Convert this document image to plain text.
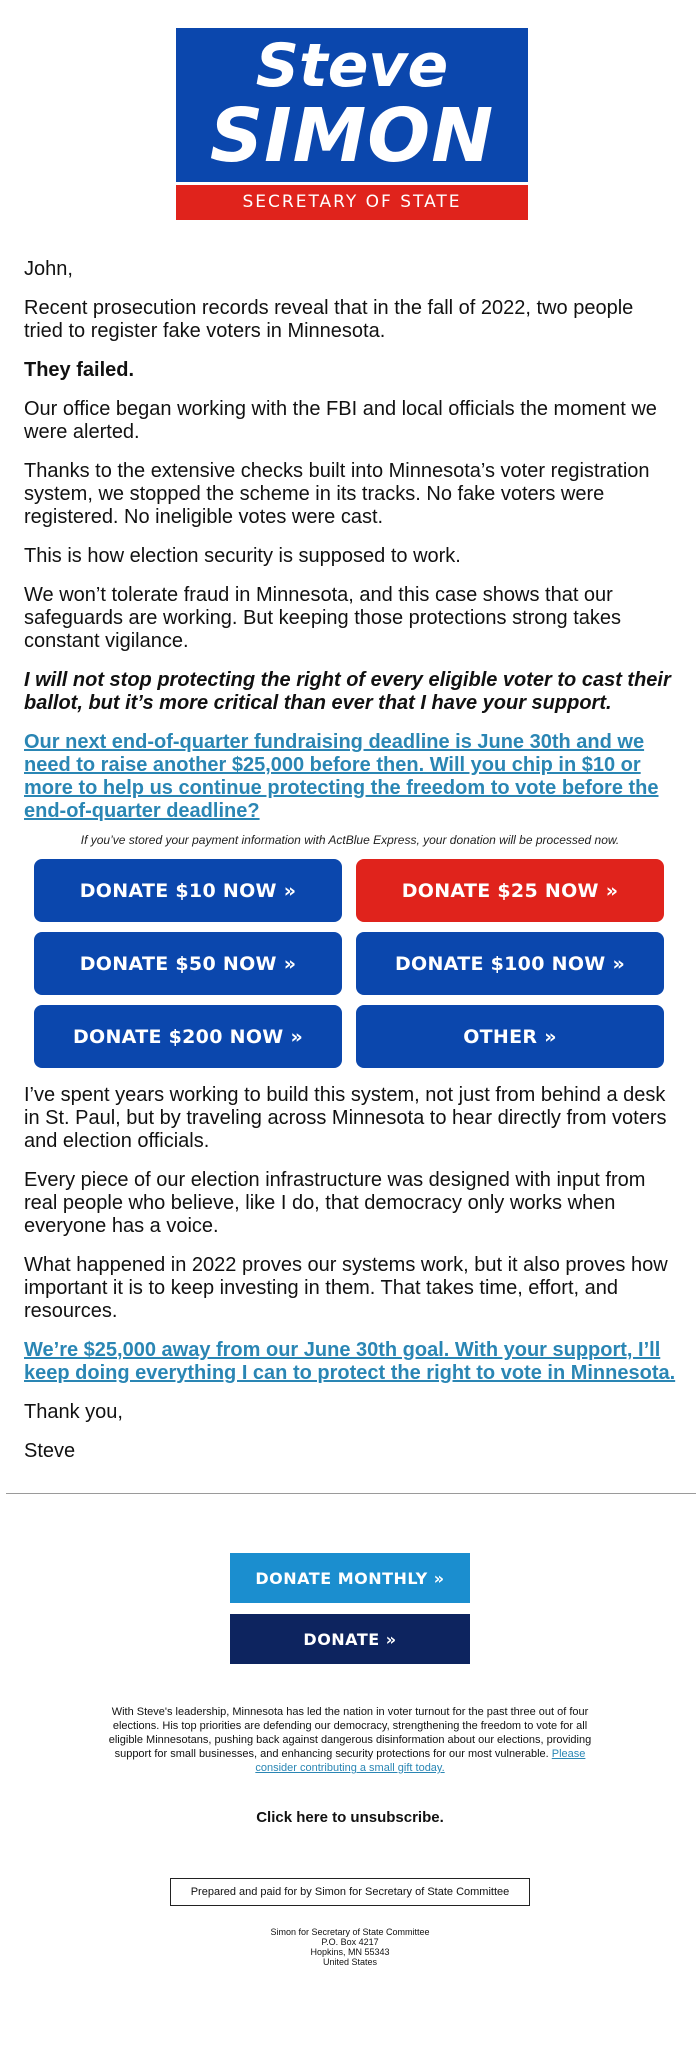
Steve
SIMON
SECRETARY OF STATE

John,

Recent prosecution records reveal that in the fall of 2022, two people tried to register fake voters in Minnesota.

They failed.

Our office began working with the FBI and local officials the moment we were alerted.

Thanks to the extensive checks built into Minnesota’s voter registration system, we stopped the scheme in its tracks. No fake voters were registered. No ineligible votes were cast.

This is how election security is supposed to work.

We won’t tolerate fraud in Minnesota, and this case shows that our safeguards are working. But keeping those protections strong takes constant vigilance.

I will not stop protecting the right of every eligible voter to cast their ballot, but it’s more critical than ever that I have your support.

Our next end-of-quarter fundraising deadline is June 30th and we need to raise another $25,000 before then. Will you chip in $10 or more to help us continue protecting the freedom to vote before the end-of-quarter deadline?

If you’ve stored your payment information with ActBlue Express, your donation will be processed now.

DONATE $10 NOW »	DONATE $25 NOW »
DONATE $50 NOW »	DONATE $100 NOW »
DONATE $200 NOW »	OTHER »

I’ve spent years working to build this system, not just from behind a desk in St. Paul, but by traveling across Minnesota to hear directly from voters and election officials.

Every piece of our election infrastructure was designed with input from real people who believe, like I do, that democracy only works when everyone has a voice.

What happened in 2022 proves our systems work, but it also proves how important it is to keep investing in them. That takes time, effort, and resources.

We’re $25,000 away from our June 30th goal. With your support, I’ll keep doing everything I can to protect the right to vote in Minnesota.

Thank you,

Steve

DONATE MONTHLY »
DONATE »
With Steve's leadership, Minnesota has led the nation in voter turnout for the past three out of four elections. His top priorities are defending our democracy, strengthening the freedom to vote for all eligible Minnesotans, pushing back against dangerous disinformation about our elections, providing support for small businesses, and enhancing security protections for our most vulnerable. Please consider contributing a small gift today.
Click here to unsubscribe.
Prepared and paid for by Simon for Secretary of State Committee
Simon for Secretary of State Committee
P.O. Box 4217
Hopkins, MN 55343
United States
